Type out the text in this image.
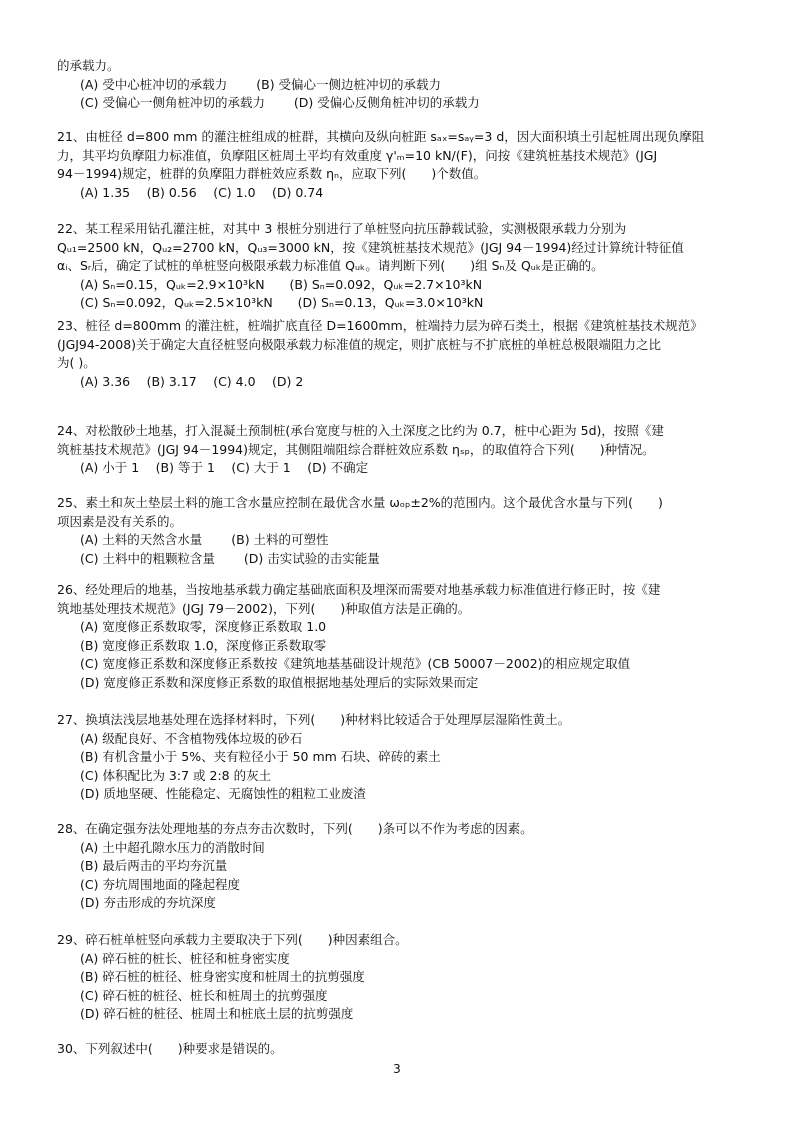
的承载力。
(A) 受中心桩冲切的承载力　　 (B) 受偏心一侧边桩冲切的承载力
(C) 受偏心一侧角桩冲切的承载力　　 (D) 受偏心反侧角桩冲切的承载力
21、由桩径 d=800 mm 的灌注桩组成的桩群，其横向及纵向桩距 sₐₓ=sₐᵧ=3 d，因大面积填土引起桩周出现负摩阻
力，其平均负摩阻力标准值，负摩阻区桩周土平均有效重度 γ'ₘ=10 kN/(F)，问按《建筑桩基技术规范》(JGJ
94－1994)规定，桩群的负摩阻力群桩效应系数 ηₙ，应取下列(　　)个数值。
(A) 1.35　 (B) 0.56　 (C) 1.0　 (D) 0.74
22、某工程采用钻孔灌注桩，对其中 3 根桩分别进行了单桩竖向抗压静载试验，实测极限承载力分别为
Qᵤ₁=2500 kN，Qᵤ₂=2700 kN，Qᵤ₃=3000 kN，按《建筑桩基技术规范》(JGJ 94－1994)经过计算统计特征值
αᵢ、Sᵣ后，确定了试桩的单桩竖向极限承载力标准值 Qᵤₖ。请判断下列(　　)组 Sₙ及 Qᵤₖ是正确的。
(A) Sₙ=0.15，Qᵤₖ=2.9×10³kN　　(B) Sₙ=0.092，Qᵤₖ=2.7×10³kN
(C) Sₙ=0.092，Qᵤₖ=2.5×10³kN　　(D) Sₙ=0.13，Qᵤₖ=3.0×10³kN
23、桩径 d=800mm 的灌注桩，桩端扩底直径 D=1600mm，桩端持力层为碎石类土，根据《建筑桩基技术规范》
(JGJ94-2008)关于确定大直径桩竖向极限承载力标准值的规定，则扩底桩与不扩底桩的单桩总极限端阻力之比
为( )。
(A) 3.36　 (B) 3.17　 (C) 4.0　 (D) 2
24、对松散砂土地基，打入混凝土预制桩(承台宽度与桩的入土深度之比约为 0.7，桩中心距为 5d)，按照《建
筑桩基技术规范》(JGJ 94－1994)规定，其侧阻端阻综合群桩效应系数 ηₛₚ，的取值符合下列(　　)种情况。
(A) 小于 1　 (B) 等于 1　 (C) 大于 1　 (D) 不确定
25、素土和灰土垫层土料的施工含水量应控制在最优含水量 ωₒₚ±2%的范围内。这个最优含水量与下列(　　)
项因素是没有关系的。
(A) 土料的天然含水量　　 (B) 土料的可塑性
(C) 土料中的粗颗粒含量　　 (D) 击实试验的击实能量
26、经处理后的地基，当按地基承载力确定基础底面积及埋深而需要对地基承载力标准值进行修正时，按《建
筑地基处理技术规范》(JGJ 79－2002)，下列(　　)种取值方法是正确的。
(A) 宽度修正系数取零，深度修正系数取 1.0
(B) 宽度修正系数取 1.0，深度修正系数取零
(C) 宽度修正系数和深度修正系数按《建筑地基基础设计规范》(CB 50007－2002)的相应规定取值
(D) 宽度修正系数和深度修正系数的取值根据地基处理后的实际效果而定
27、换填法浅层地基处理在选择材料时，下列(　　)种材料比较适合于处理厚层湿陷性黄土。
(A) 级配良好、不含植物残体垃圾的砂石
(B) 有机含量小于 5%、夹有粒径小于 50 mm 石块、碎砖的素土
(C) 体积配比为 3:7 或 2:8 的灰土
(D) 质地坚硬、性能稳定、无腐蚀性的粗粒工业废渣
28、在确定强夯法处理地基的夯点夯击次数时，下列(　　)条可以不作为考虑的因素。
(A) 土中超孔隙水压力的消散时间
(B) 最后两击的平均夯沉量
(C) 夯坑周围地面的隆起程度
(D) 夯击形成的夯坑深度
29、碎石桩单桩竖向承载力主要取决于下列(　　)种因素组合。
(A) 碎石桩的桩长、桩径和桩身密实度
(B) 碎石桩的桩径、桩身密实度和桩周土的抗剪强度
(C) 碎石桩的桩径、桩长和桩周土的抗剪强度
(D) 碎石桩的桩径、桩周土和桩底土层的抗剪强度
30、下列叙述中(　　)种要求是错误的。
3
